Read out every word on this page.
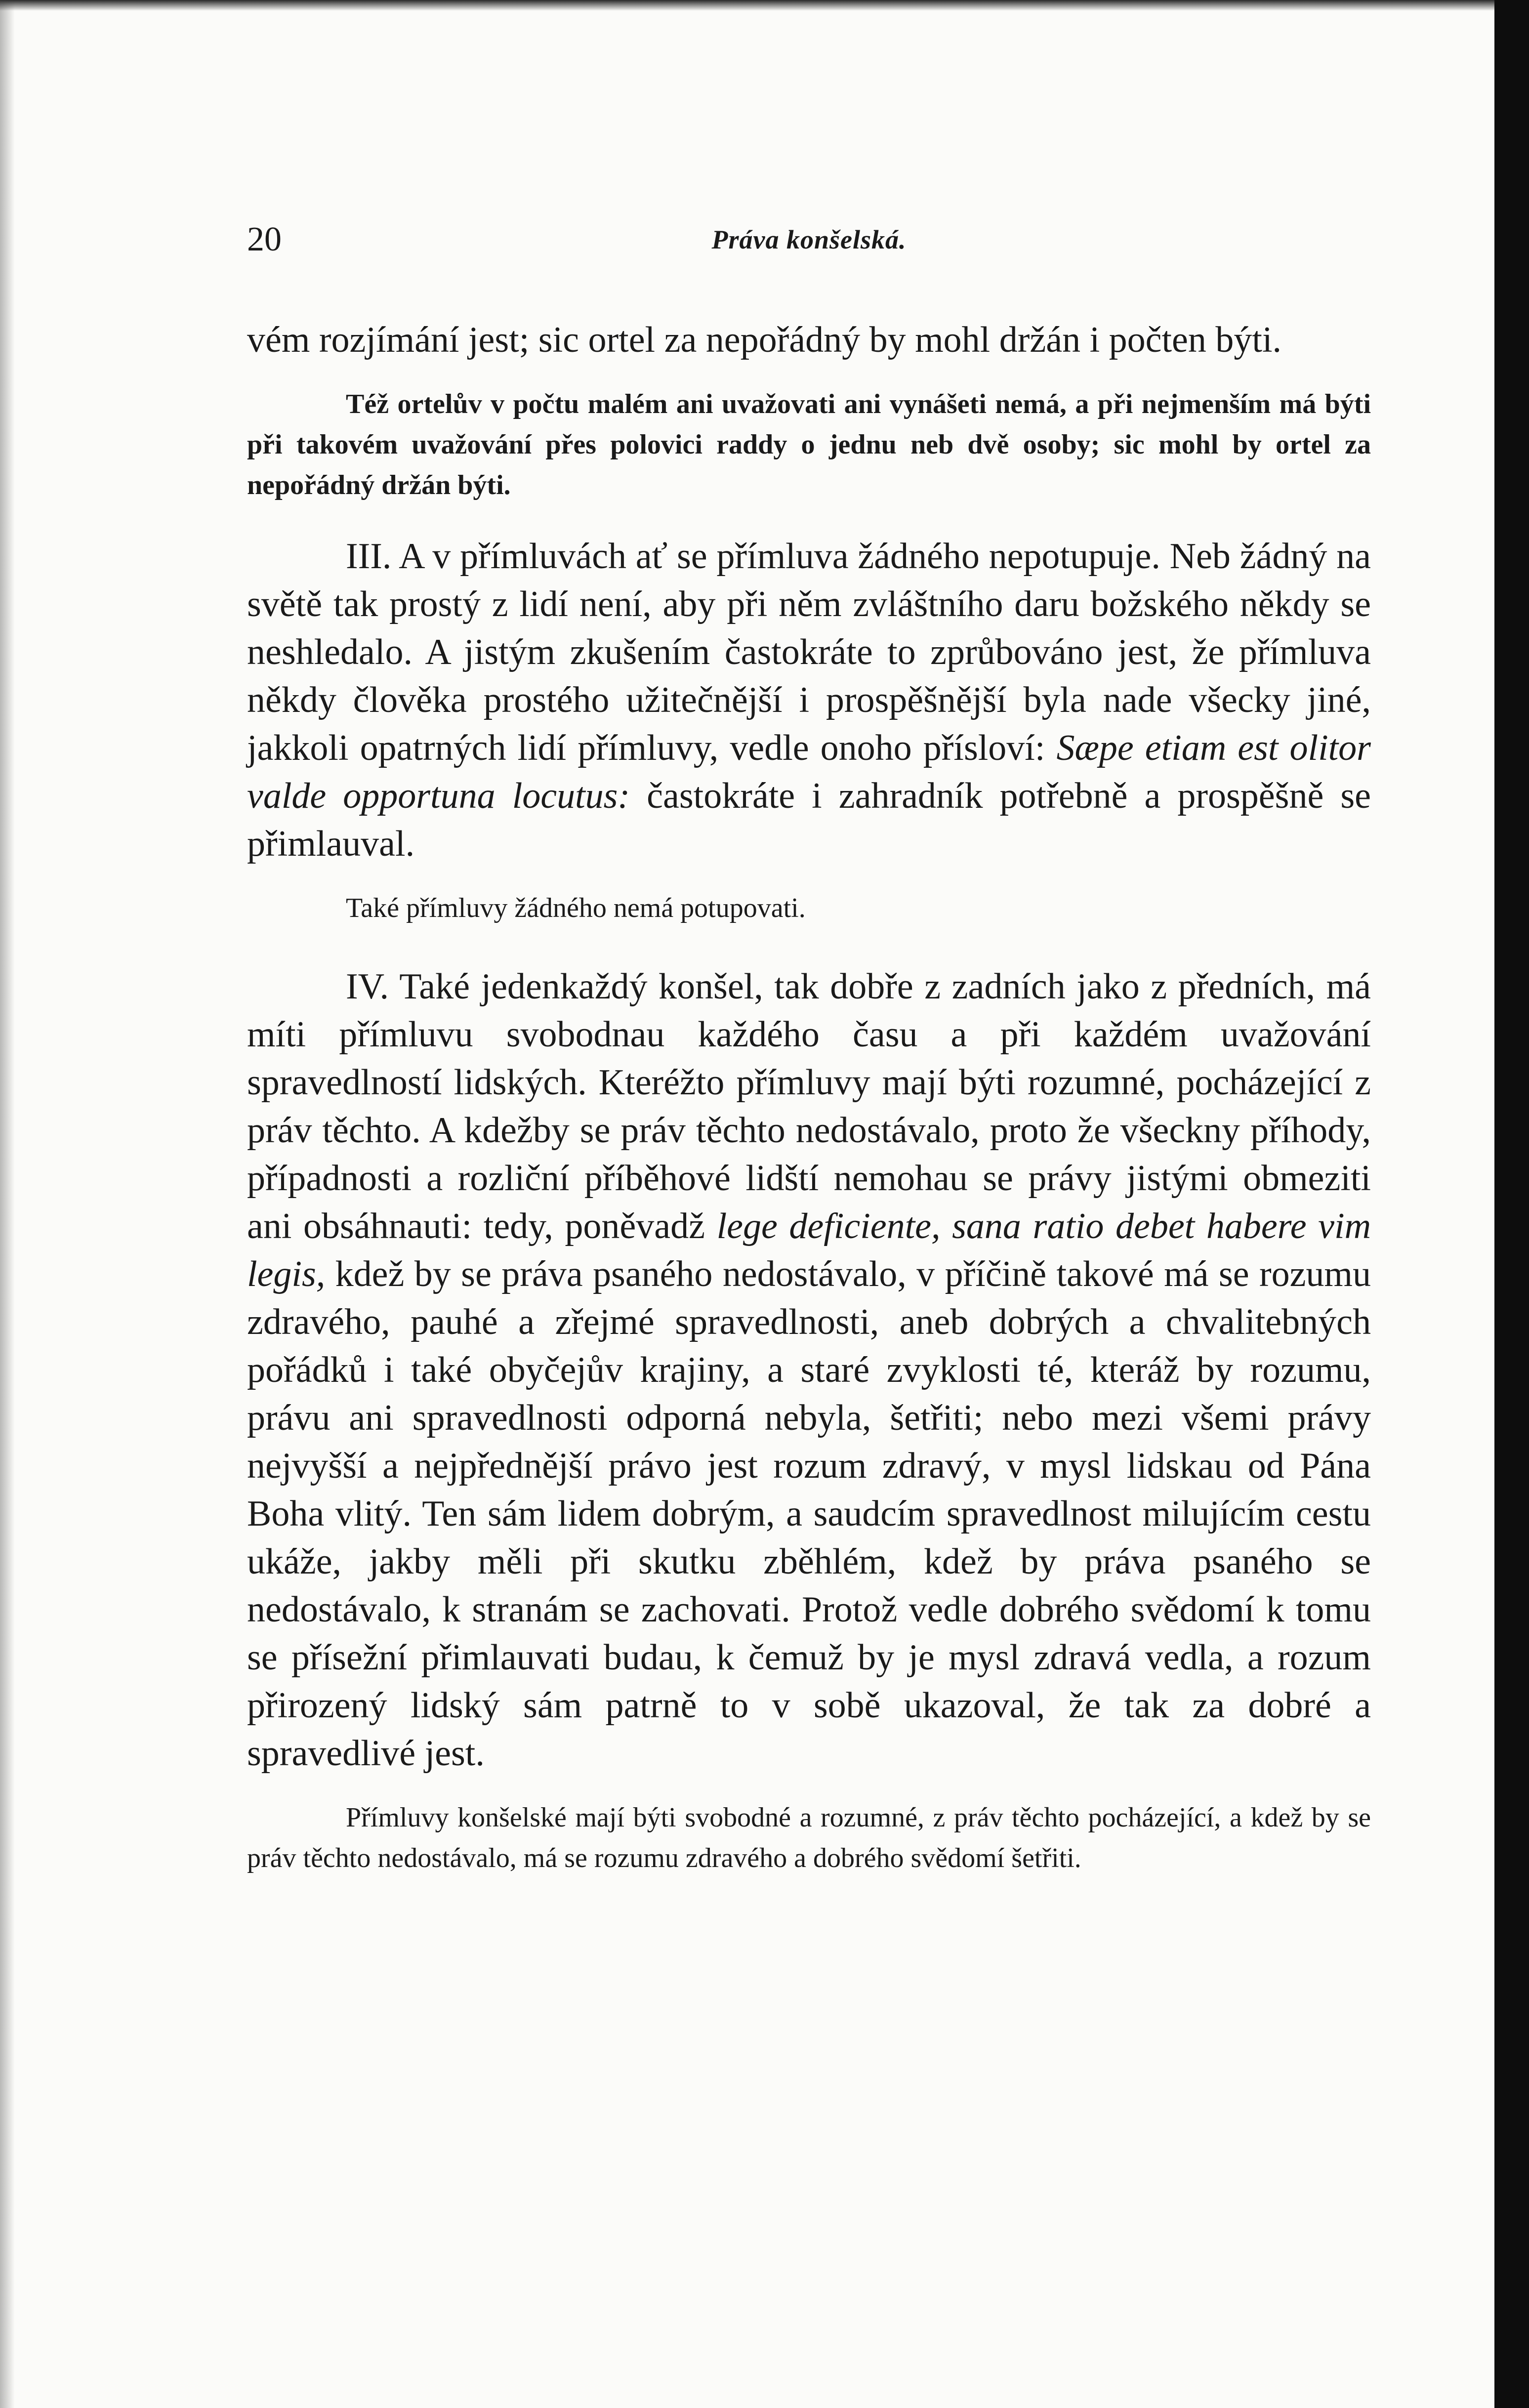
20	Práva konšelská.

vém rozjímání jest; sic ortel za nepořádný by mohl držán i počten býti.

Též ortelův v počtu malém ani uvažovati ani vynášeti nemá, a při nejmenším má býti při takovém uvažování přes polovici raddy o jednu neb dvě osoby; sic mohl by ortel za nepořádný držán býti.

III. A v přímluvách ať se přímluva žádného nepotupuje. Neb žádný na světě tak prostý z lidí není, aby při něm zvláštního daru božského někdy se neshledalo. A jistým zkušením častokráte to zprůbováno jest, že přímluva někdy člověka prostého užitečnější i prospěšnější byla nade všecky jiné, jakkoli opatrných lidí přímluvy, vedle onoho přísloví: Sæpe etiam est olitor valde opportuna locutus: častokráte i zahradník potřebně a prospěšně se přimlauval.

Také přímluvy žádného nemá potupovati.

IV. Také jedenkaždý konšel, tak dobře z zadních jako z předních, má míti přímluvu svobodnau každého času a při každém uvažování spravedlností lidských. Kteréžto přímluvy mají býti rozumné, pocházející z práv těchto. A kdežby se práv těchto nedostávalo, proto že všeckny příhody, případnosti a rozliční příběhové lidští nemohau se právy jistými obmeziti ani obsáhnauti: tedy, poněvadž lege deficiente, sana ratio debet habere vim legis, kdež by se práva psaného nedostávalo, v příčině takové má se rozumu zdravého, pauhé a zřejmé spravedlnosti, aneb dobrých a chvalitebných pořádků i také obyčejův krajiny, a staré zvyklosti té, kteráž by rozumu, právu ani spravedlnosti odporná nebyla, šetřiti; nebo mezi všemi právy nejvyšší a nejpřednější právo jest rozum zdravý, v mysl lidskau od Pána Boha vlitý. Ten sám lidem dobrým, a saudcím spravedlnost milujícím cestu ukáže, jakby měli při skutku zběhlém, kdež by práva psaného se nedostávalo, k stranám se zachovati. Protož vedle dobrého svědomí k tomu se přísežní přimlauvati budau, k čemuž by je mysl zdravá vedla, a rozum přirozený lidský sám patrně to v sobě ukazoval, že tak za dobré a spravedlivé jest.

Přímluvy konšelské mají býti svobodné a rozumné, z práv těchto pocházející, a kdež by se práv těchto nedostávalo, má se rozumu zdravého a dobrého svědomí šetřiti.
